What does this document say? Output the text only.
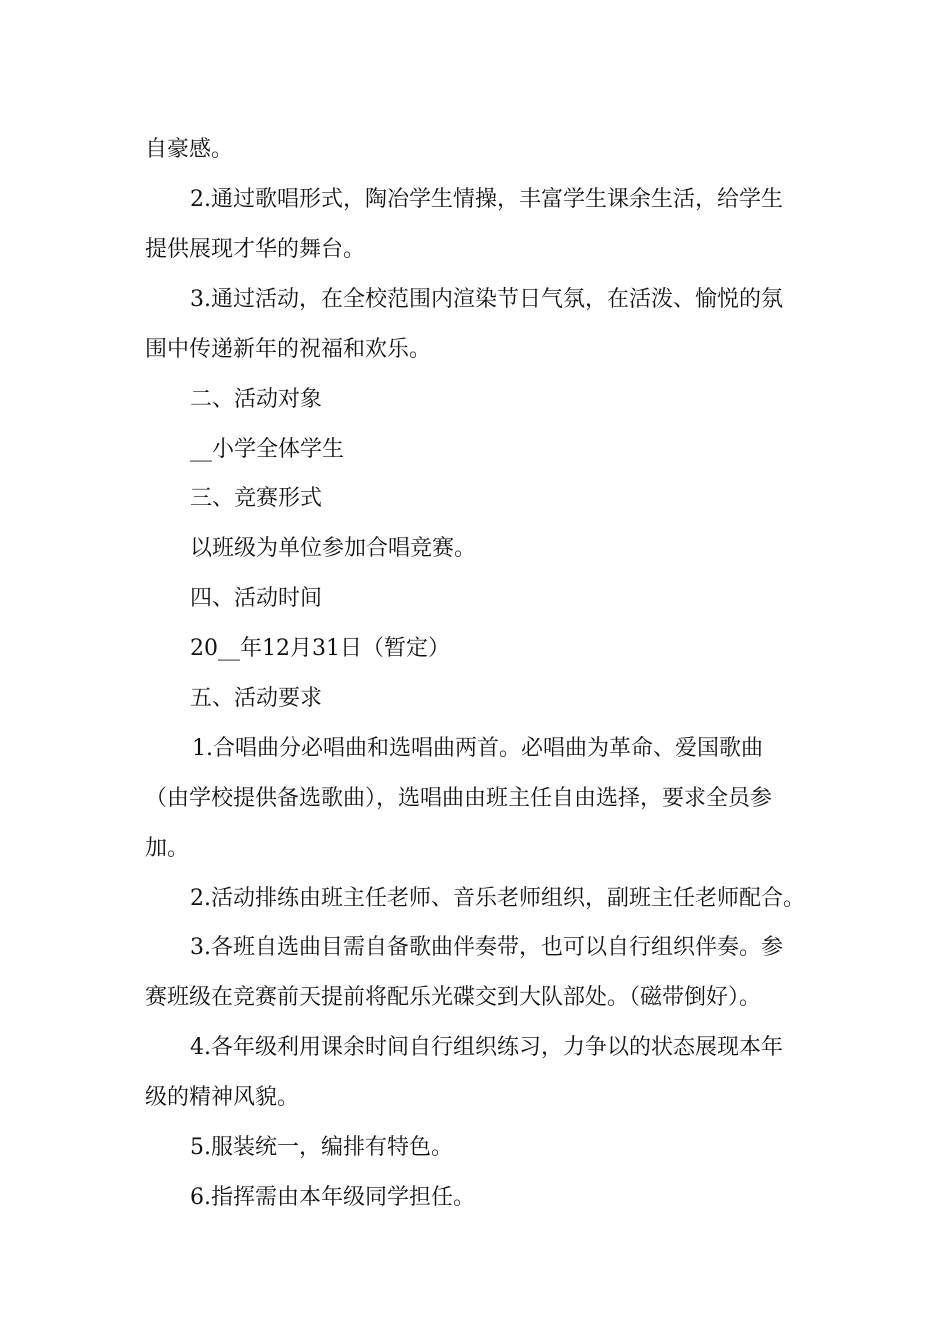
自豪感。
2.通过歌唱形式，陶冶学生情操，丰富学生课余生活，给学生
提供展现才华的舞台。
3.通过活动，在全校范围内渲染节日气氛，在活泼、愉悦的氛
围中传递新年的祝福和欢乐。
二、活动对象
__小学全体学生
三、竞赛形式
以班级为单位参加合唱竞赛。
四、活动时间
20__年12月31日（暂定）
五、活动要求
1.合唱曲分必唱曲和选唱曲两首。必唱曲为革命、爱国歌曲
（由学校提供备选歌曲），选唱曲由班主任自由选择，要求全员参
加。
2.活动排练由班主任老师、音乐老师组织，副班主任老师配合。
3.各班自选曲目需自备歌曲伴奏带，也可以自行组织伴奏。参
赛班级在竞赛前天提前将配乐光碟交到大队部处。（磁带倒好）。
4.各年级利用课余时间自行组织练习，力争以的状态展现本年
级的精神风貌。
5.服装统一，编排有特色。
6.指挥需由本年级同学担任。
